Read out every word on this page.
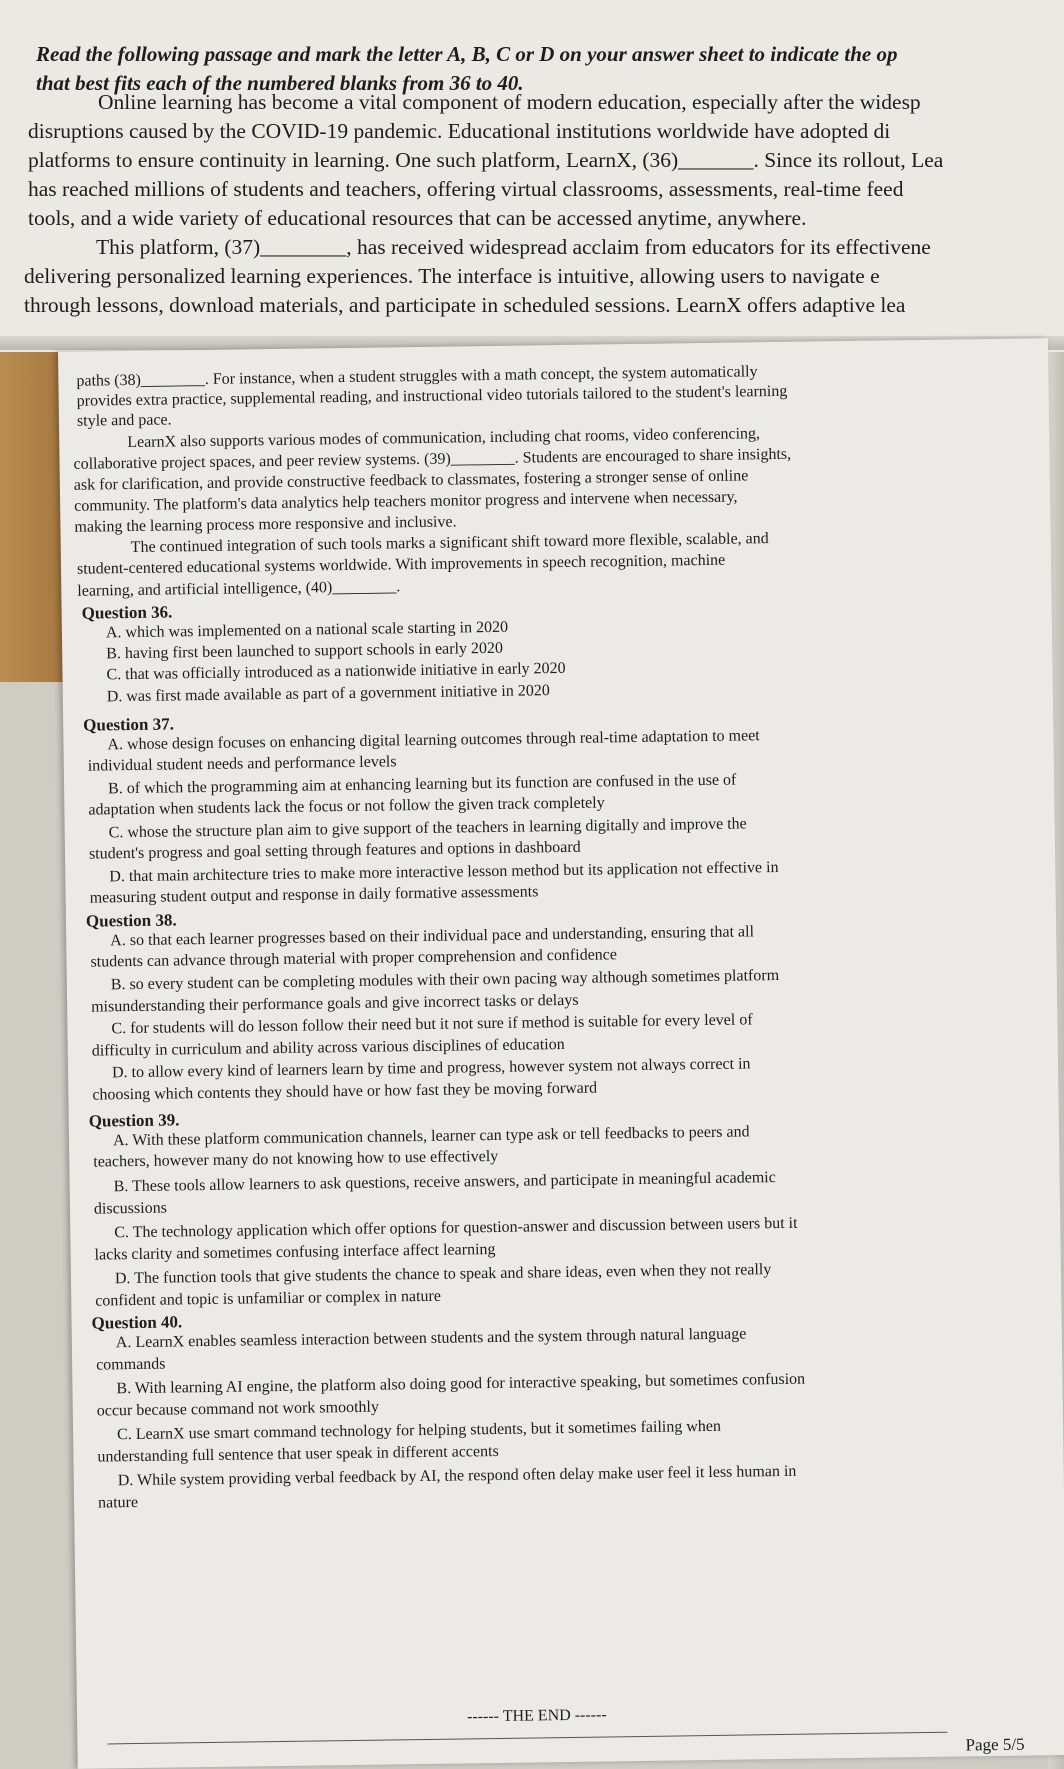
Read the following passage and mark the letter A, B, C or D on your answer sheet to indicate the op
that best fits each of the numbered blanks from 36 to 40.
Online learning has become a vital component of modern education, especially after the widesp
disruptions caused by the COVID-19 pandemic. Educational institutions worldwide have adopted di
platforms to ensure continuity in learning. One such platform, LearnX, (36)_______. Since its rollout, Lea
has reached millions of students and teachers, offering virtual classrooms, assessments, real-time feed
tools, and a wide variety of educational resources that can be accessed anytime, anywhere.
This platform, (37)________, has received widespread acclaim from educators for its effectivene
delivering personalized learning experiences. The interface is intuitive, allowing users to navigate e
through lessons, download materials, and participate in scheduled sessions. LearnX offers adaptive lea
paths (38)________. For instance, when a student struggles with a math concept, the system automatically
provides extra practice, supplemental reading, and instructional video tutorials tailored to the student's learning
style and pace.
LearnX also supports various modes of communication, including chat rooms, video conferencing,
collaborative project spaces, and peer review systems. (39)________. Students are encouraged to share insights,
ask for clarification, and provide constructive feedback to classmates, fostering a stronger sense of online
community. The platform's data analytics help teachers monitor progress and intervene when necessary,
making the learning process more responsive and inclusive.
The continued integration of such tools marks a significant shift toward more flexible, scalable, and
student-centered educational systems worldwide. With improvements in speech recognition, machine
learning, and artificial intelligence, (40)________.
Question 36.
A. which was implemented on a national scale starting in 2020
B. having first been launched to support schools in early 2020
C. that was officially introduced as a nationwide initiative in early 2020
D. was first made available as part of a government initiative in 2020
Question 37.
A. whose design focuses on enhancing digital learning outcomes through real-time adaptation to meet
individual student needs and performance levels
B. of which the programming aim at enhancing learning but its function are confused in the use of
adaptation when students lack the focus or not follow the given track completely
C. whose the structure plan aim to give support of the teachers in learning digitally and improve the
student's progress and goal setting through features and options in dashboard
D. that main architecture tries to make more interactive lesson method but its application not effective in
measuring student output and response in daily formative assessments
Question 38.
A. so that each learner progresses based on their individual pace and understanding, ensuring that all
students can advance through material with proper comprehension and confidence
B. so every student can be completing modules with their own pacing way although sometimes platform
misunderstanding their performance goals and give incorrect tasks or delays
C. for students will do lesson follow their need but it not sure if method is suitable for every level of
difficulty in curriculum and ability across various disciplines of education
D. to allow every kind of learners learn by time and progress, however system not always correct in
choosing which contents they should have or how fast they be moving forward
Question 39.
A. With these platform communication channels, learner can type ask or tell feedbacks to peers and
teachers, however many do not knowing how to use effectively
B. These tools allow learners to ask questions, receive answers, and participate in meaningful academic
discussions
C. The technology application which offer options for question-answer and discussion between users but it
lacks clarity and sometimes confusing interface affect learning
D. The function tools that give students the chance to speak and share ideas, even when they not really
confident and topic is unfamiliar or complex in nature
Question 40.
A. LearnX enables seamless interaction between students and the system through natural language
commands
B. With learning AI engine, the platform also doing good for interactive speaking, but sometimes confusion
occur because command not work smoothly
C. LearnX use smart command technology for helping students, but it sometimes failing when
understanding full sentence that user speak in different accents
D. While system providing verbal feedback by AI, the respond often delay make user feel it less human in
nature
------ THE END ------
Page 5/5
